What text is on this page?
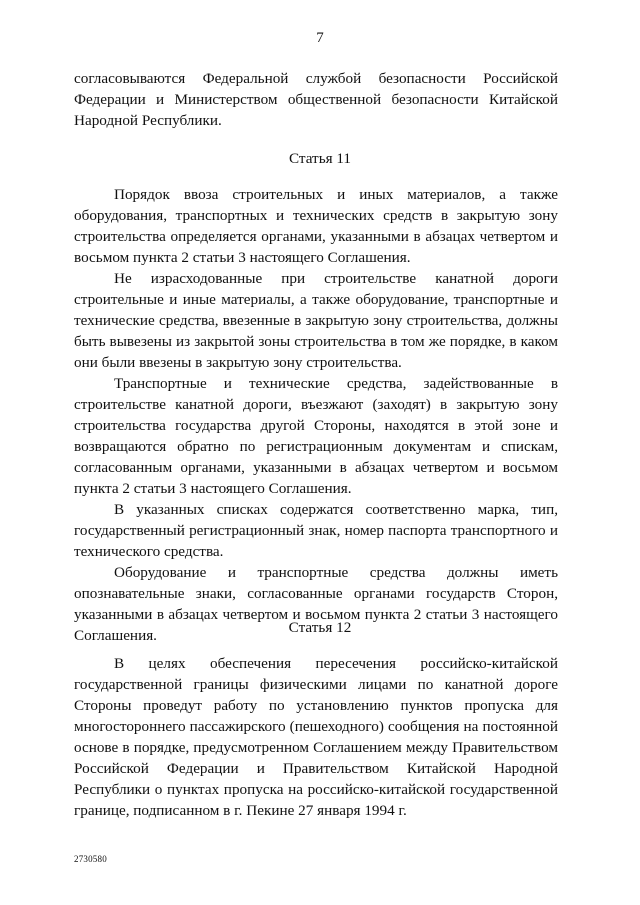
7

согласовываются Федеральной службой безопасности Российской Федерации и Министерством общественной безопасности Китайской Народной Республики.

Статья 11

Порядок ввоза строительных и иных материалов, а также оборудования, транспортных и технических средств в закрытую зону строительства определяется органами, указанными в абзацах четвертом и восьмом пункта 2 статьи 3 настоящего Соглашения.

Не израсходованные при строительстве канатной дороги строительные и иные материалы, а также оборудование, транспортные и технические средства, ввезенные в закрытую зону строительства, должны быть вывезены из закрытой зоны строительства в том же порядке, в каком они были ввезены в закрытую зону строительства.

Транспортные и технические средства, задействованные в строительстве канатной дороги, въезжают (заходят) в закрытую зону строительства государства другой Стороны, находятся в этой зоне и возвращаются обратно по регистрационным документам и спискам, согласованным органами, указанными в абзацах четвертом и восьмом пункта 2 статьи 3 настоящего Соглашения.

В указанных списках содержатся соответственно марка, тип, государственный регистрационный знак, номер паспорта транспортного и технического средства.

Оборудование и транспортные средства должны иметь опознавательные знаки, согласованные органами государств Сторон, указанными в абзацах четвертом и восьмом пункта 2 статьи 3 настоящего Соглашения.	Статья 12

В целях обеспечения пересечения российско-китайской государственной границы физическими лицами по канатной дороге Стороны проведут работу по установлению пунктов пропуска для многостороннего пассажирского (пешеходного) сообщения на постоянной основе в порядке, предусмотренном Соглашением между Правительством Российской Федерации и Правительством Китайской Народной Республики о пунктах пропуска на российско-китайской государственной границе, подписанном в г. Пекине 27 января 1994 г.

2730580
